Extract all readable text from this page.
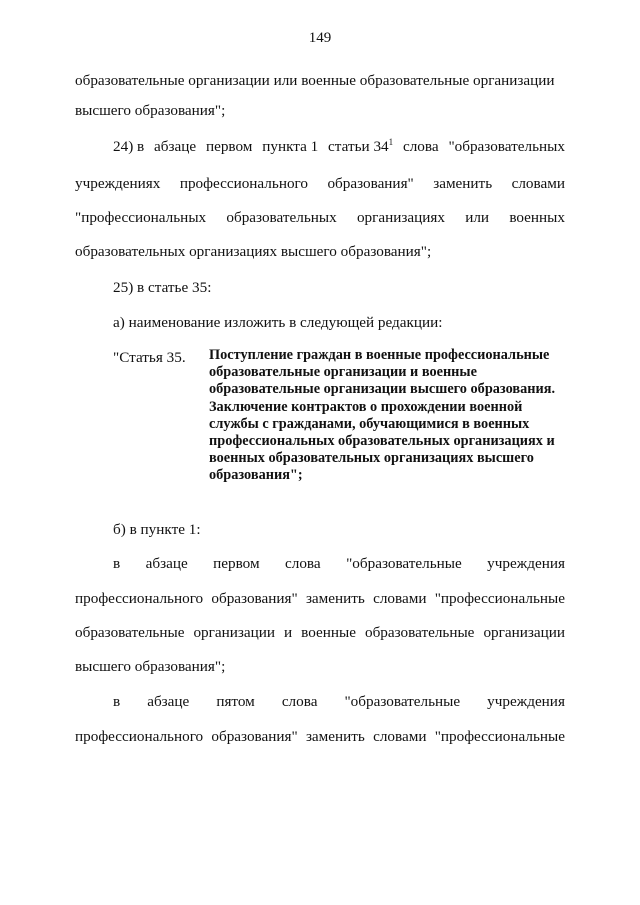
149
образовательные организации или военные образовательные организации
высшего образования";
24) в абзаце первом пункта 1 статьи $34^1$ слова "образовательных
учреждениях профессионального образования" заменить словами
"профессиональных образовательных организациях или военных
образовательных организациях высшего образования";
25) в статье 35:
а) наименование изложить в следующей редакции:
"Статья 35. Поступление граждан в военные профессиональные образовательные организации и военные образовательные организации высшего образования. Заключение контрактов о прохождении военной службы с гражданами, обучающимися в военных профессиональных образовательных организациях и военных образовательных организациях высшего образования";
б) в пункте 1:
в абзаце первом слова "образовательные учреждения
профессионального образования" заменить словами "профессиональные
образовательные организации и военные образовательные организации
высшего образования";
в абзаце пятом слова "образовательные учреждения
профессионального образования" заменить словами "профессиональные
